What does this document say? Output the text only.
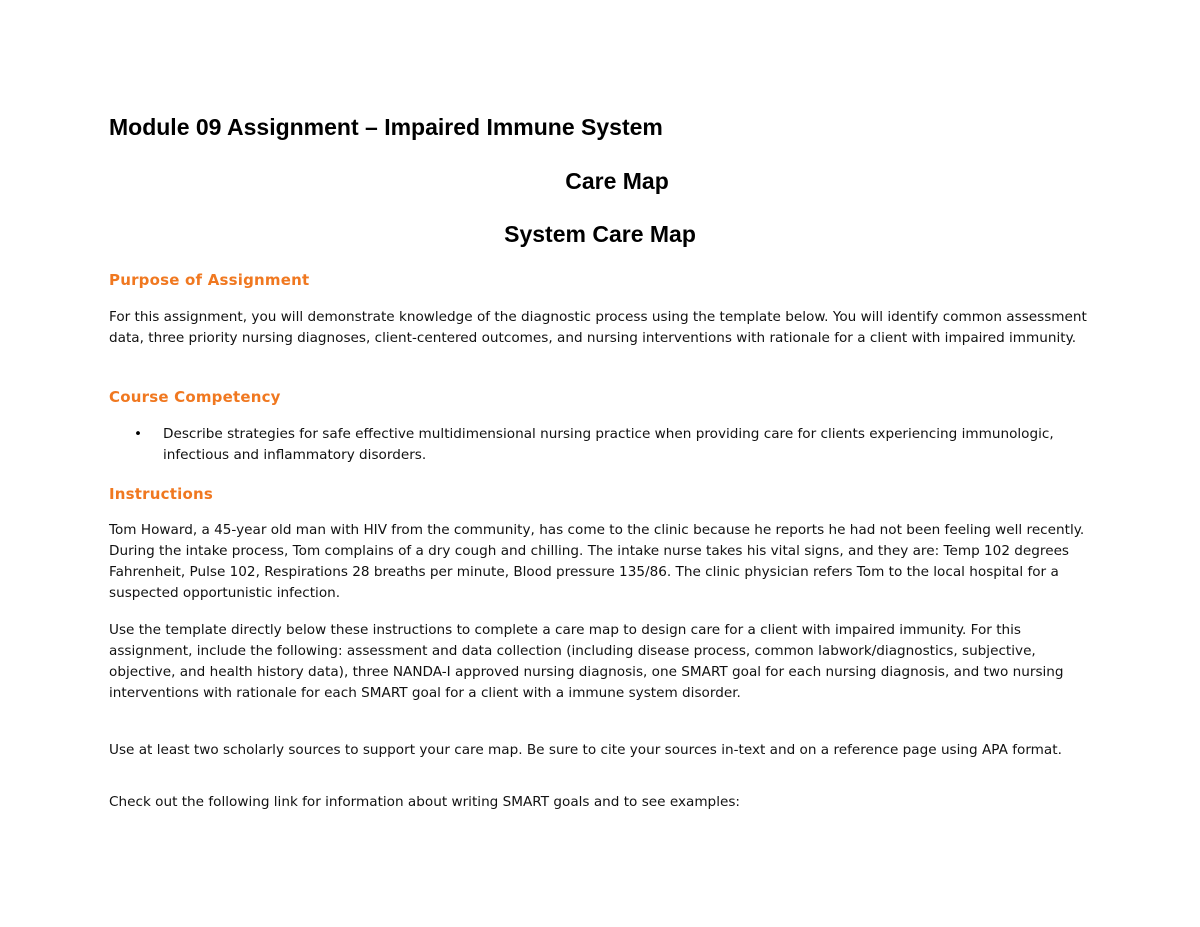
Module 09 Assignment – Impaired Immune System
Care Map
System Care Map
Purpose of Assignment
For this assignment, you will demonstrate knowledge of the diagnostic process using the template below. You will identify common assessment data, three priority nursing diagnoses, client-centered outcomes, and nursing interventions with rationale for a client with impaired immunity.
Course Competency
• Describe strategies for safe effective multidimensional nursing practice when providing care for clients experiencing immunologic, infectious and inflammatory disorders.
Instructions
Tom Howard, a 45-year old man with HIV from the community, has come to the clinic because he reports he had not been feeling well recently. During the intake process, Tom complains of a dry cough and chilling. The intake nurse takes his vital signs, and they are: Temp 102 degrees Fahrenheit, Pulse 102, Respirations 28 breaths per minute, Blood pressure 135/86. The clinic physician refers Tom to the local hospital for a suspected opportunistic infection.
Use the template directly below these instructions to complete a care map to design care for a client with impaired immunity. For this assignment, include the following: assessment and data collection (including disease process, common labwork/diagnostics, subjective, objective, and health history data), three NANDA-I approved nursing diagnosis, one SMART goal for each nursing diagnosis, and two nursing interventions with rationale for each SMART goal for a client with a immune system disorder.
Use at least two scholarly sources to support your care map. Be sure to cite your sources in-text and on a reference page using APA format.
Check out the following link for information about writing SMART goals and to see examples:
